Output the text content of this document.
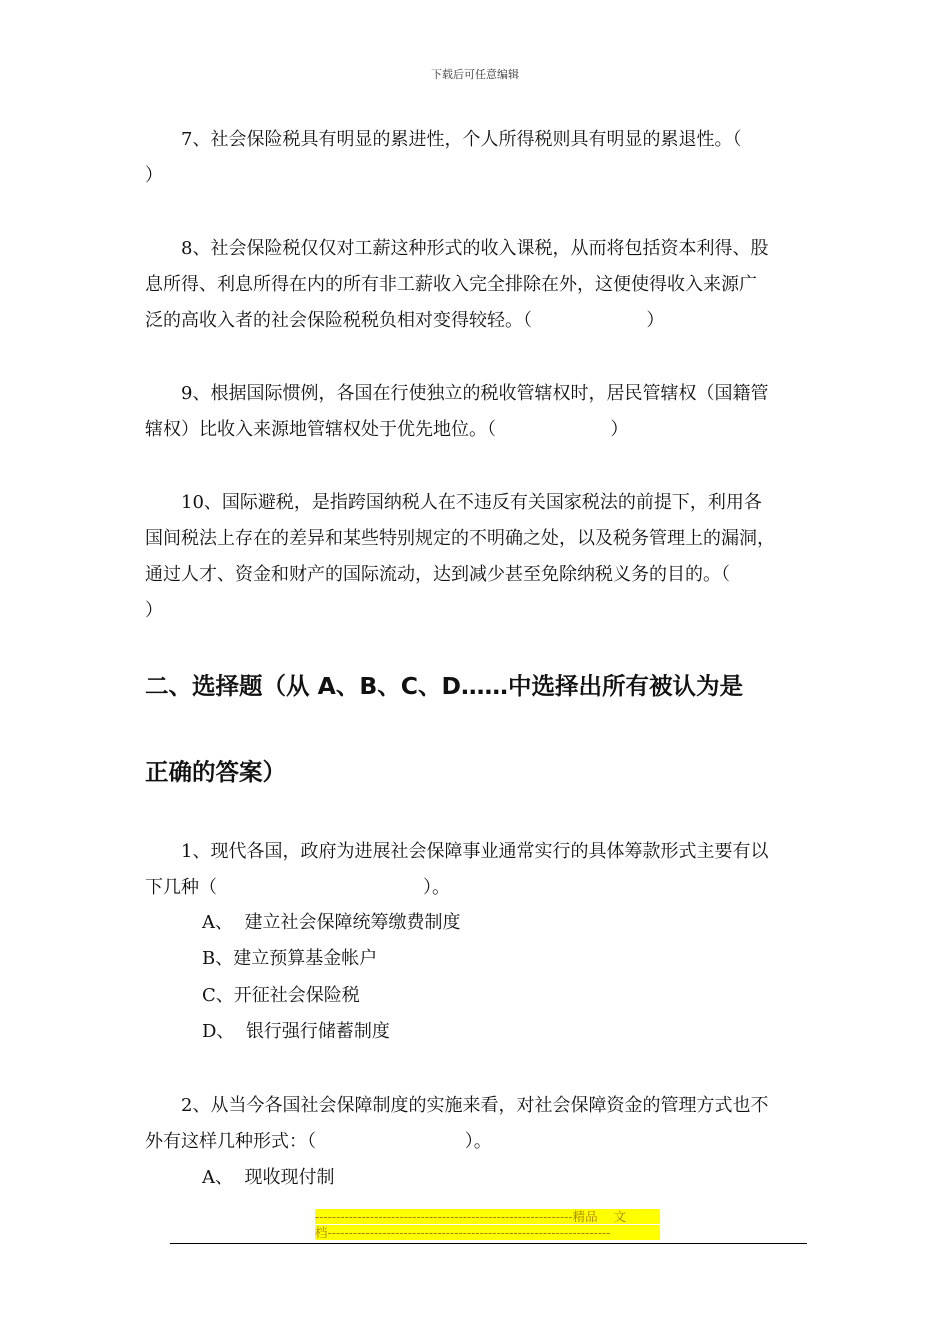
下载后可任意编辑
7、社会保险税具有明显的累进性，个人所得税则具有明显的累退性。（
）
8、社会保险税仅仅对工薪这种形式的收入课税，从而将包括资本利得、股
息所得、利息所得在内的所有非工薪收入完全排除在外，这便使得收入来源广
泛的高收入者的社会保险税税负相对变得较轻。（                    ）
9、根据国际惯例，各国在行使独立的税收管辖权时，居民管辖权（国籍管
辖权）比收入来源地管辖权处于优先地位。（                    ）
10、国际避税，是指跨国纳税人在不违反有关国家税法的前提下，利用各
国间税法上存在的差异和某些特别规定的不明确之处，以及税务管理上的漏洞，
通过人才、资金和财产的国际流动，达到减少甚至免除纳税义务的目的。（
）
二、选择题（从 A、B、C、D……中选择出所有被认为是
正确的答案）
1、现代各国，政府为进展社会保障事业通常实行的具体筹款形式主要有以
下几种（                                    ）。
A、  建立社会保障统筹缴费制度
B、建立预算基金帐户
C、开征社会保险税
D、  银行强行储蓄制度
2、从当今各国社会保障制度的实施来看，对社会保障资金的管理方式也不
外有这样几种形式：（                          ）。
A、  现收现付制
-------------------------------------------------------------精品    文
档-------------------------------------------------------------------
